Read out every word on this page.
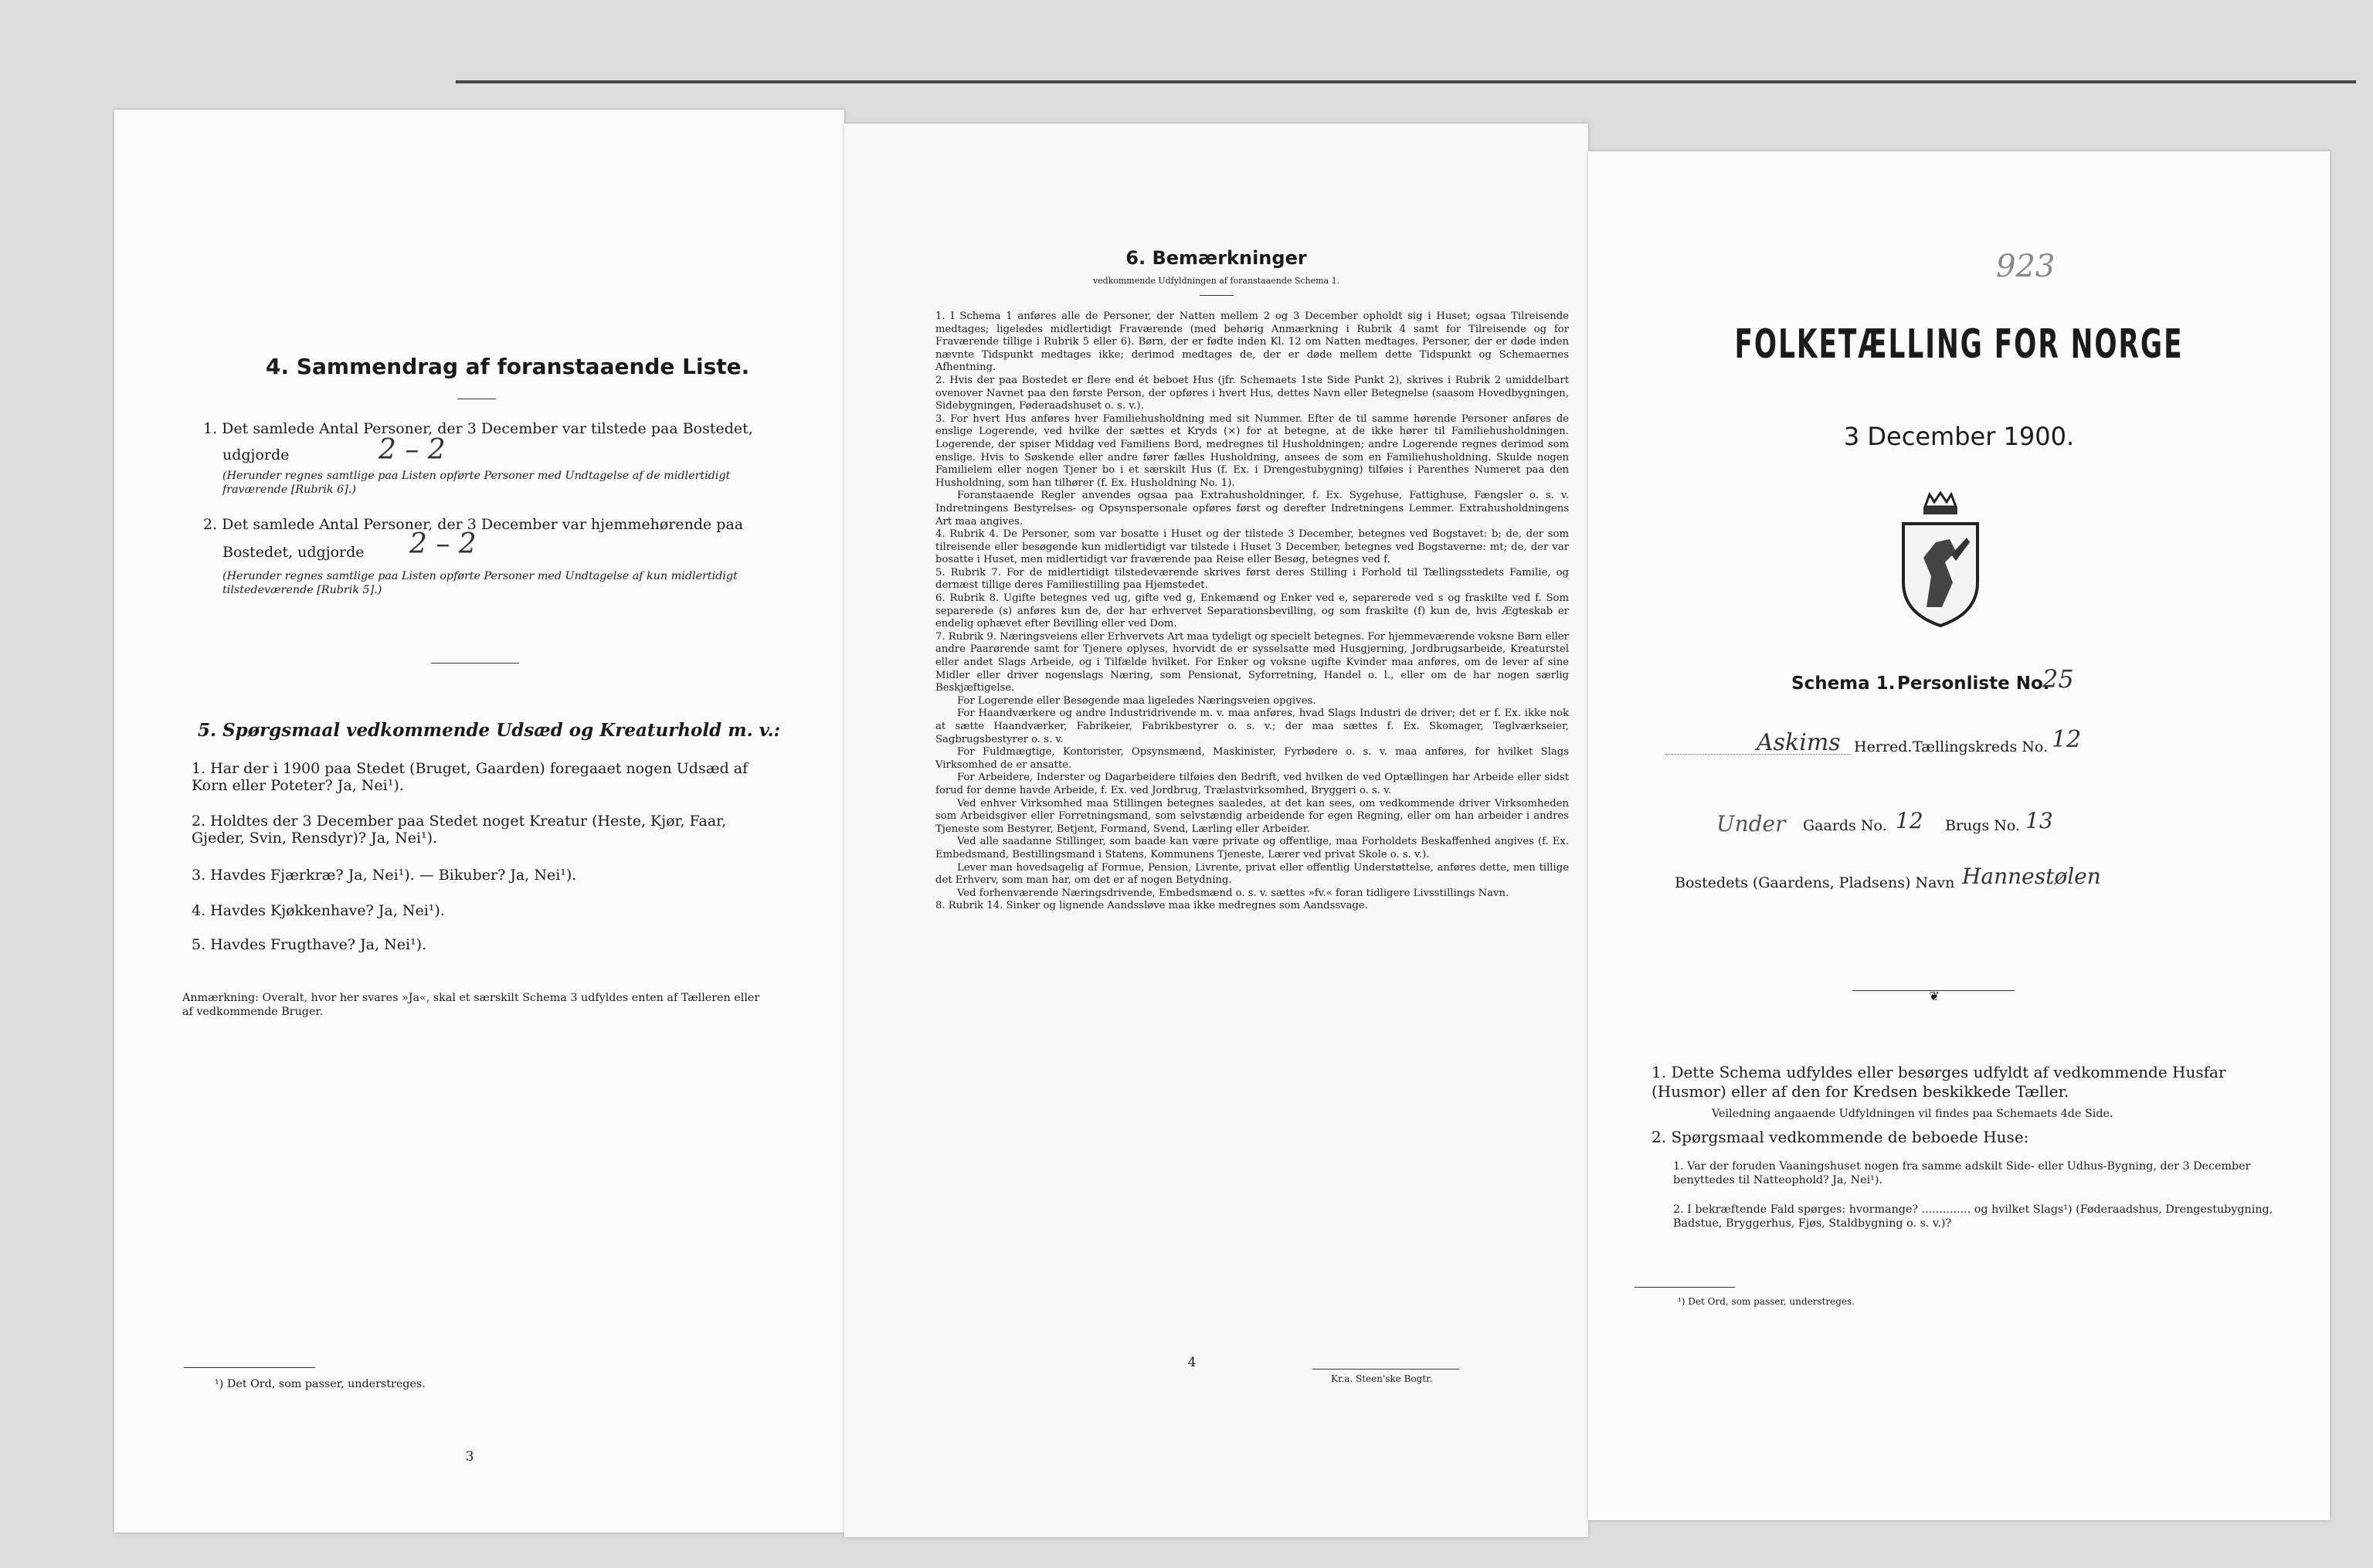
4. Sammendrag af foranstaaende Liste.
1. Det samlede Antal Personer, der 3 December var tilstede paa Bostedet,
udgjorde	2 – 2
(Herunder regnes samtlige paa Listen opførte Personer med Undtagelse af de midlertidigt fraværende [Rubrik 6].)
2. Det samlede Antal Personer, der 3 December var hjemmehørende paa
Bostedet, udgjorde 2 – 2
(Herunder regnes samtlige paa Listen opførte Personer med Undtagelse af kun midlertidigt tilstedeværende [Rubrik 5].)
5. Spørgsmaal vedkommende Udsæd og Kreaturhold m. v.:
1. Har der i 1900 paa Stedet (Bruget, Gaarden) foregaaet nogen Udsæd af Korn eller Poteter? Ja, Nei¹).
2. Holdtes der 3 December paa Stedet noget Kreatur (Heste, Kjør, Faar, Gjeder, Svin, Rensdyr)? Ja, Nei¹).
3. Havdes Fjærkræ? Ja, Nei¹). — Bikuber? Ja, Nei¹).
4. Havdes Kjøkkenhave? Ja, Nei¹).
5. Havdes Frugthave? Ja, Nei¹).
Anmærkning: Overalt, hvor her svares »Ja«, skal et særskilt Schema 3 udfyldes enten af Tælleren eller af vedkommende Bruger.
¹) Det Ord, som passer, understreges.
3
6. Bemærkninger
vedkommende Udfyldningen af foranstaaende Schema 1.
1. I Schema 1 anføres alle de Personer, der Natten mellem 2 og 3 December opholdt sig i Huset; ogsaa Tilreisende medtages; ligeledes midlertidigt Fraværende (med behørig Anmærkning i Rubrik 4 samt for Tilreisende og for Fraværende tillige i Rubrik 5 eller 6). Børn, der er fødte inden Kl. 12 om Natten medtages. Personer, der er døde inden nævnte Tidspunkt medtages ikke; derimod medtages de, der er døde mellem dette Tidspunkt og Schemaernes Afhentning.
2. Hvis der paa Bostedet er flere end ét beboet Hus (jfr. Schemaets 1ste Side Punkt 2), skrives i Rubrik 2 umiddelbart ovenover Navnet paa den første Person, der opføres i hvert Hus, dettes Navn eller Betegnelse (saasom Hovedbygningen, Sidebygningen, Føderaadshuset o. s. v.).
3. For hvert Hus anføres hver Familiehusholdning med sit Nummer. Efter de til samme hørende Personer anføres de enslige Logerende, ved hvilke der sættes et Kryds (×) for at betegne, at de ikke hører til Familiehusholdningen. Logerende, der spiser Middag ved Familiens Bord, medregnes til Husholdningen; andre Logerende regnes derimod som enslige. Hvis to Søskende eller andre fører fælles Husholdning, ansees de som en Familiehusholdning. Skulde nogen Familielem eller nogen Tjener bo i et særskilt Hus (f. Ex. i Drengestubygning) tilføies i Parenthes Numeret paa den Husholdning, som han tilhører (f. Ex. Husholdning No. 1).
Foranstaaende Regler anvendes ogsaa paa Extrahusholdninger, f. Ex. Sygehuse, Fattighuse, Fængsler o. s. v. Indretningens Bestyrelses- og Opsynspersonale opføres først og derefter Indretningens Lemmer. Extrahusholdningens Art maa angives.
4. Rubrik 4. De Personer, som var bosatte i Huset og der tilstede 3 December, betegnes ved Bogstavet: b; de, der som tilreisende eller besøgende kun midlertidigt var tilstede i Huset 3 December, betegnes ved Bogstaverne: mt; de, der var bosatte i Huset, men midlertidigt var fraværende paa Reise eller Besøg, betegnes ved f.
5. Rubrik 7. For de midlertidigt tilstedeværende skrives først deres Stilling i Forhold til Tællingsstedets Familie, og dernæst tillige deres Familiestilling paa Hjemstedet.
6. Rubrik 8. Ugifte betegnes ved ug, gifte ved g, Enkemænd og Enker ved e, separerede ved s og fraskilte ved f. Som separerede (s) anføres kun de, der har erhvervet Separationsbevilling, og som fraskilte (f) kun de, hvis Ægteskab er endelig ophævet efter Bevilling eller ved Dom.
7. Rubrik 9. Næringsveiens eller Erhvervets Art maa tydeligt og specielt betegnes. For hjemmeværende voksne Børn eller andre Paarørende samt for Tjenere oplyses, hvorvidt de er sysselsatte med Husgjerning, Jordbrugsarbeide, Kreaturstel eller andet Slags Arbeide, og i Tilfælde hvilket. For Enker og voksne ugifte Kvinder maa anføres, om de lever af sine Midler eller driver nogenslags Næring, som Pensionat, Syforretning, Handel o. l., eller om de har nogen særlig Beskjæftigelse.
For Logerende eller Besøgende maa ligeledes Næringsveien opgives.
For Haandværkere og andre Industridrivende m. v. maa anføres, hvad Slags Industri de driver; det er f. Ex. ikke nok at sætte Haandværker, Fabrikeier, Fabrikbestyrer o. s. v.; der maa sættes f. Ex. Skomager, Teglværkseier, Sagbrugsbestyrer o. s. v.
For Fuldmægtige, Kontorister, Opsynsmænd, Maskinister, Fyrbødere o. s. v. maa anføres, for hvilket Slags Virksomhed de er ansatte.
For Arbeidere, Inderster og Dagarbeidere tilføies den Bedrift, ved hvilken de ved Optællingen har Arbeide eller sidst forud for denne havde Arbeide, f. Ex. ved Jordbrug, Trælastvirksomhed, Bryggeri o. s. v.
Ved enhver Virksomhed maa Stillingen betegnes saaledes, at det kan sees, om vedkommende driver Virksomheden som Arbeidsgiver eller Forretningsmand, som selvstændig arbeidende for egen Regning, eller om han arbeider i andres Tjeneste som Bestyrer, Betjent, Formand, Svend, Lærling eller Arbeider.
Ved alle saadanne Stillinger, som baade kan være private og offentlige, maa Forholdets Beskaffenhed angives (f. Ex. Embedsmand, Bestillingsmand i Statens, Kommunens Tjeneste, Lærer ved privat Skole o. s. v.).
Lever man hovedsagelig af Formue, Pension, Livrente, privat eller offentlig Understøttelse, anføres dette, men tillige det Erhverv, som man har, om det er af nogen Betydning.
Ved forhenværende Næringsdrivende, Embedsmænd o. s. v. sættes »fv.« foran tidligere Livsstillings Navn.
8. Rubrik 14. Sinker og lignende Aandssløve maa ikke medregnes som Aandssvage.
4
Kr.a. Steen'ske Bogtr.
923
FOLKETÆLLING FOR NORGE
3 December 1900.
Schema 1. Personliste No.
25
Askims Herred. Tællingskreds No. 12
Under Gaards No. 12 Brugs No. 13
Bostedets (Gaardens, Pladsens) Navn Hannestølen
❦
1. Dette Schema udfyldes eller besørges udfyldt af vedkommende Husfar (Husmor) eller af den for Kredsen beskikkede Tæller.
Veiledning angaaende Udfyldningen vil findes paa Schemaets 4de Side.
2. Spørgsmaal vedkommende de beboede Huse:
1. Var der foruden Vaaningshuset nogen fra samme adskilt Side- eller Udhus-Bygning, der 3 December benyttedes til Natteophold? Ja, Nei¹).
2. I bekræftende Fald spørges: hvormange? .............. og hvilket Slags¹) (Føderaadshus, Drengestubygning, Badstue, Bryggerhus, Fjøs, Staldbygning o. s. v.)?
¹) Det Ord, som passer, understreges.
